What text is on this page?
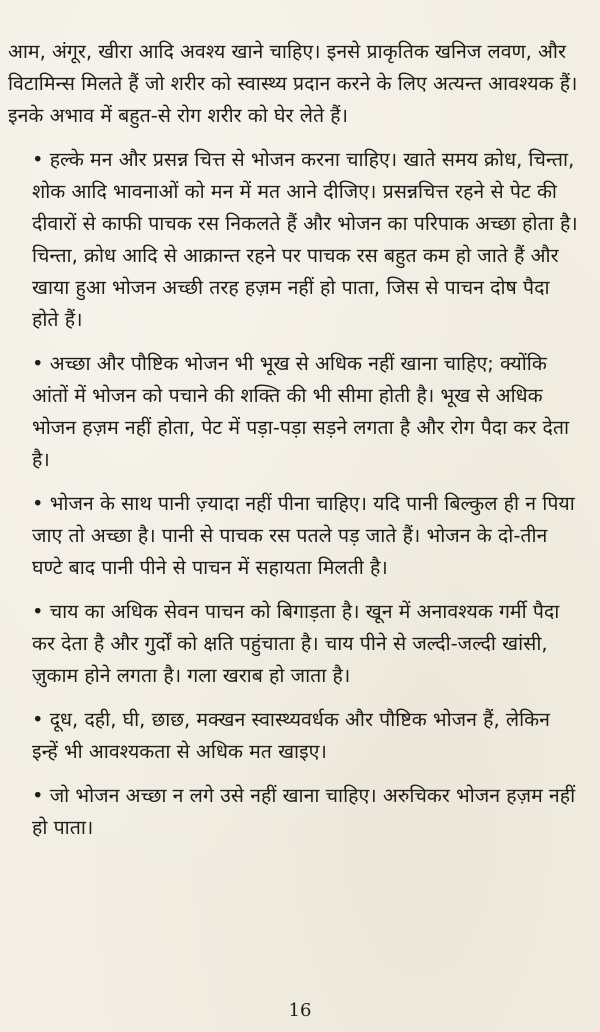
आम, अंगूर, खीरा आदि अवश्य खाने चाहिए। इनसे प्राकृतिक खनिज लवण, और विटामिन्स मिलते हैं जो शरीर को स्वास्थ्य प्रदान करने के लिए अत्यन्त आवश्यक हैं। इनके अभाव में बहुत-से रोग शरीर को घेर लेते हैं।

• हल्के मन और प्रसन्न चित्त से भोजन करना चाहिए। खाते समय क्रोध, चिन्ता, शोक आदि भावनाओं को मन में मत आने दीजिए। प्रसन्नचित्त रहने से पेट की दीवारों से काफी पाचक रस निकलते हैं और भोजन का परिपाक अच्छा होता है। चिन्ता, क्रोध आदि से आक्रान्त रहने पर पाचक रस बहुत कम हो जाते हैं और खाया हुआ भोजन अच्छी तरह हज़म नहीं हो पाता, जिस से पाचन दोष पैदा होते हैं।

• अच्छा और पौष्टिक भोजन भी भूख से अधिक नहीं खाना चाहिए; क्योंकि आंतों में भोजन को पचाने की शक्ति की भी सीमा होती है। भूख से अधिक भोजन हज़म नहीं होता, पेट में पड़ा-पड़ा सड़ने लगता है और रोग पैदा कर देता है।

• भोजन के साथ पानी ज़्यादा नहीं पीना चाहिए। यदि पानी बिल्कुल ही न पिया जाए तो अच्छा है। पानी से पाचक रस पतले पड़ जाते हैं। भोजन के दो-तीन घण्टे बाद पानी पीने से पाचन में सहायता मिलती है।

• चाय का अधिक सेवन पाचन को बिगाड़ता है। खून में अनावश्यक गर्मी पैदा कर देता है और गुर्दों को क्षति पहुंचाता है। चाय पीने से जल्दी-जल्दी खांसी, ज़ुकाम होने लगता है। गला खराब हो जाता है।

• दूध, दही, घी, छाछ, मक्खन स्वास्थ्यवर्धक और पौष्टिक भोजन हैं, लेकिन इन्हें भी आवश्यकता से अधिक मत खाइए।

• जो भोजन अच्छा न लगे उसे नहीं खाना चाहिए। अरुचिकर भोजन हज़म नहीं हो पाता।

16
